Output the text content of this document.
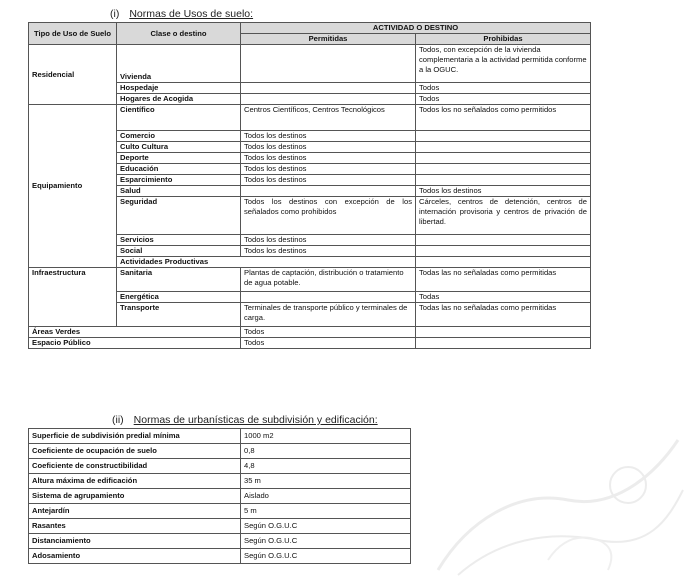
(i) Normas de Usos de suelo:
Tipo de Uso de Suelo	Clase o destino	ACTIVIDAD O DESTINO		
		Permitidas	Prohibidas	
Residencial	Vivienda		Todos, con excepción de la vivienda complementaria a la actividad permitida conforme a la OGUC.	
	Hospedaje		Todos	
	Hogares de Acogida		Todos	
Equipamiento	Científico	Centros Científicos, Centros Tecnológicos	Todos los no señalados como permitidos	
	Comercio	Todos los destinos		
	Culto Cultura	Todos los destinos		
	Deporte	Todos los destinos		
	Educación	Todos los destinos		
	Esparcimiento	Todos los destinos		
	Salud		Todos los destinos	
	Seguridad	Todos los destinos con excepción de los señalados como prohibidos	Cárceles, centros de detención, centros de internación provisoria y centros de privación de libertad.	
	Servicios	Todos los destinos		
	Social	Todos los destinos		
	Actividades Productivas		
Infraestructura	Sanitaria	Plantas de captación, distribución o tratamiento de agua potable.	Todas las no señaladas como permitidas	
	Energética		Todas	
	Transporte	Terminales de transporte público y terminales de carga.	Todas las no señaladas como permitidas	
Áreas Verdes		Todos		
Espacio Público		Todos		
(ii) Normas de urbanísticas de subdivisión y edificación:
Superficie de subdivisión predial mínima	1000 m2
Coeficiente de ocupación de suelo	0,8
Coeficiente de constructibilidad	4,8
Altura máxima de edificación	35 m
Sistema de agrupamiento	Aislado
Antejardín	5 m
Rasantes	Según O.G.U.C
Distanciamiento	Según O.G.U.C
Adosamiento	Según O.G.U.C
